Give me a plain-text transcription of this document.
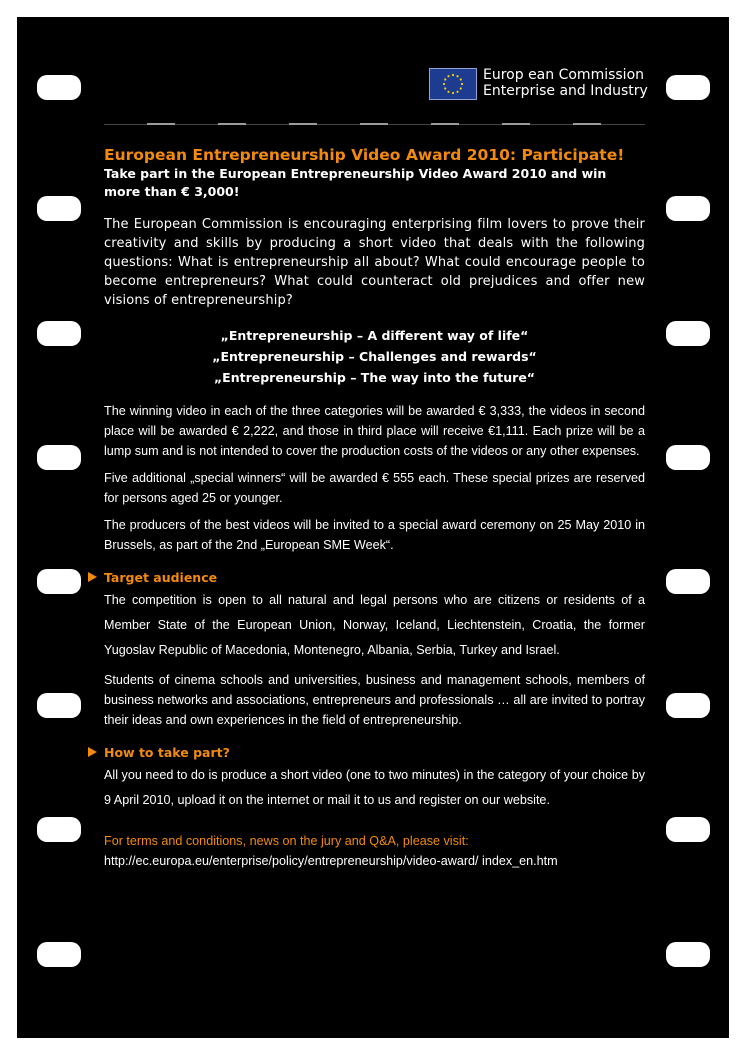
Europ ean Commission
Enterprise and Industry
European Entrepreneurship Video Award 2010: Participate!

Take part in the European Entrepreneurship Video Award 2010 and win more than € 3,000!

The European Commission is encouraging enterprising film lovers to prove their creativity and skills by producing a short video that deals with the following questions: What is entrepreneurship all about? What could encourage people to become entrepreneurs? What could counteract old prejudices and offer new visions of entrepreneurship?

„Entrepreneurship – A different way of life“
„Entrepreneurship – Challenges and rewards“
„Entrepreneurship – The way into the future“

The winning video in each of the three categories will be awarded € 3,333, the videos in second place will be awarded € 2,222, and those in third place will receive €1,111. Each prize will be a lump sum and is not intended to cover the production costs of the videos or any other expenses.

Five additional „special winners“ will be awarded € 555 each. These special prizes are reserved for persons aged 25 or younger.

The producers of the best videos will be invited to a special award ceremony on 25 May 2010 in Brussels, as part of the 2nd „European SME Week“.

Target audience

The competition is open to all natural and legal persons who are citizens or residents of a Member State of the European Union, Norway, Iceland, Liechtenstein, Croatia, the former Yugoslav Republic of Macedonia, Montenegro, Albania, Serbia, Turkey and Israel.

Students of cinema schools and universities, business and management schools, members of business networks and associations, entrepreneurs and professionals … all are invited to portray their ideas and own experiences in the field of entrepreneurship.

How to take part?

All you need to do is produce a short video (one to two minutes) in the category of your choice by 9 April 2010, upload it on the internet or mail it to us and register on our website.

For terms and conditions, news on the jury and Q&A, please visit:

http://ec.europa.eu/enterprise/policy/entrepreneurship/video-award/ index_en.htm
